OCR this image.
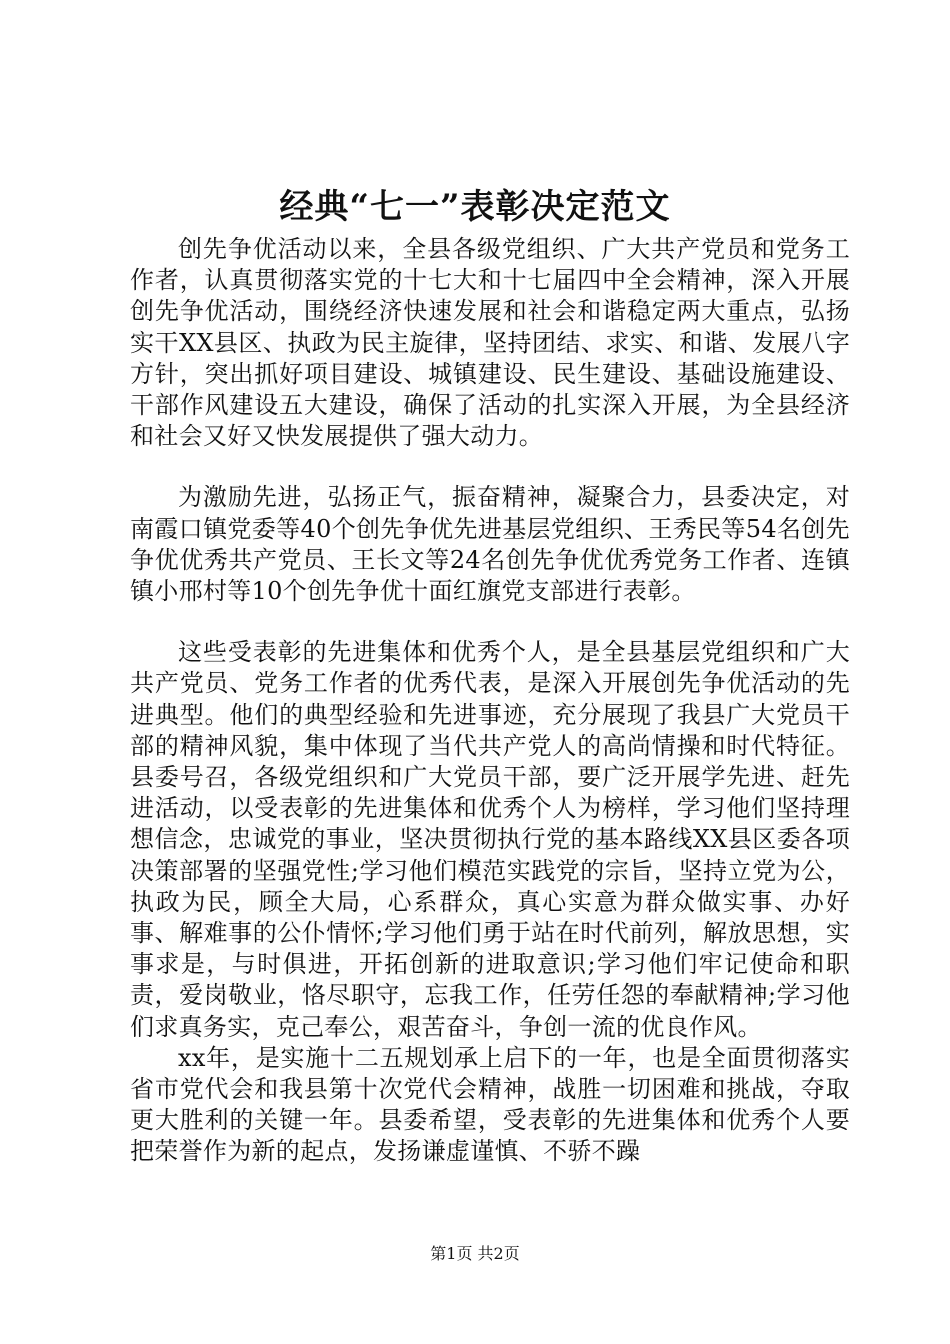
经典“七一”表彰决定范文

创先争优活动以来，全县各级党组织、广大共产党员和党务工作者，认真贯彻落实党的十七大和十七届四中全会精神，深入开展创先争优活动，围绕经济快速发展和社会和谐稳定两大重点，弘扬实干XX县区、执政为民主旋律，坚持团结、求实、和谐、发展八字方针，突出抓好项目建设、城镇建设、民生建设、基础设施建设、干部作风建设五大建设，确保了活动的扎实深入开展，为全县经济和社会又好又快发展提供了强大动力。

为激励先进，弘扬正气，振奋精神，凝聚合力，县委决定，对南霞口镇党委等40个创先争优先进基层党组织、王秀民等54名创先争优优秀共产党员、王长文等24名创先争优优秀党务工作者、连镇镇小邢村等10个创先争优十面红旗党支部进行表彰。

这些受表彰的先进集体和优秀个人，是全县基层党组织和广大共产党员、党务工作者的优秀代表，是深入开展创先争优活动的先进典型。他们的典型经验和先进事迹，充分展现了我县广大党员干部的精神风貌，集中体现了当代共产党人的高尚情操和时代特征。县委号召，各级党组织和广大党员干部，要广泛开展学先进、赶先进活动，以受表彰的先进集体和优秀个人为榜样，学习他们坚持理想信念，忠诚党的事业，坚决贯彻执行党的基本路线XX县区委各项决策部署的坚强党性;学习他们模范实践党的宗旨，坚持立党为公，执政为民，顾全大局，心系群众，真心实意为群众做实事、办好事、解难事的公仆情怀;学习他们勇于站在时代前列，解放思想，实事求是，与时俱进，开拓创新的进取意识;学习他们牢记使命和职责，爱岗敬业，恪尽职守，忘我工作，任劳任怨的奉献精神;学习他们求真务实，克己奉公，艰苦奋斗，争创一流的优良作风。

xx年，是实施十二五规划承上启下的一年，也是全面贯彻落实省市党代会和我县第十次党代会精神，战胜一切困难和挑战，夺取更大胜利的关键一年。县委希望，受表彰的先进集体和优秀个人要把荣誉作为新的起点，发扬谦虚谨慎、不骄不躁

第1页 共2页
